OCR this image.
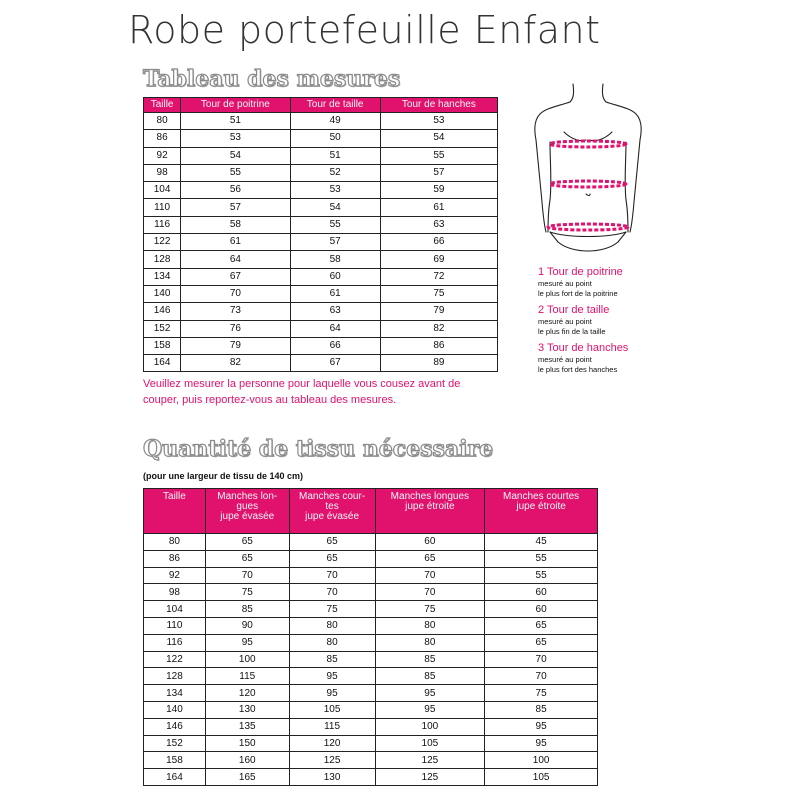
Robe portefeuille Enfant
Tableau des mesures
Taille	Tour de poitrine	Tour de taille	Tour de hanches
80	51	49	53
86	53	50	54
92	54	51	55
98	55	52	57
104	56	53	59
110	57	54	61
116	58	55	63
122	61	57	66
128	64	58	69
134	67	60	72
140	70	61	75
146	73	63	79
152	76	64	82
158	79	66	86
164	82	67	89
Veuillez mesurer la personne pour laquelle vous cousez avant de couper, puis reportez-vous au tableau des mesures.
1 Tour de poitrine
mesuré au point
le plus fort de la poitrine
2 Tour de taille
mesuré au point
le plus fin de la taille
3 Tour de hanches
mesuré au point
le plus fort des hanches
Quantité de tissu nécessaire
(pour une largeur de tissu de 140 cm)
Taille	Manches lon-
gues
jupe évasée	Manches cour-
tes
jupe évasée	Manches longues
jupe étroite	Manches courtes
jupe étroite

80	65	65	60	45
86	65	65	65	55
92	70	70	70	55
98	75	70	70	60
104	85	75	75	60
110	90	80	80	65
116	95	80	80	65
122	100	85	85	70
128	115	95	85	70
134	120	95	95	75
140	130	105	95	85
146	135	115	100	95
152	150	120	105	95
158	160	125	125	100
164	165	130	125	105
